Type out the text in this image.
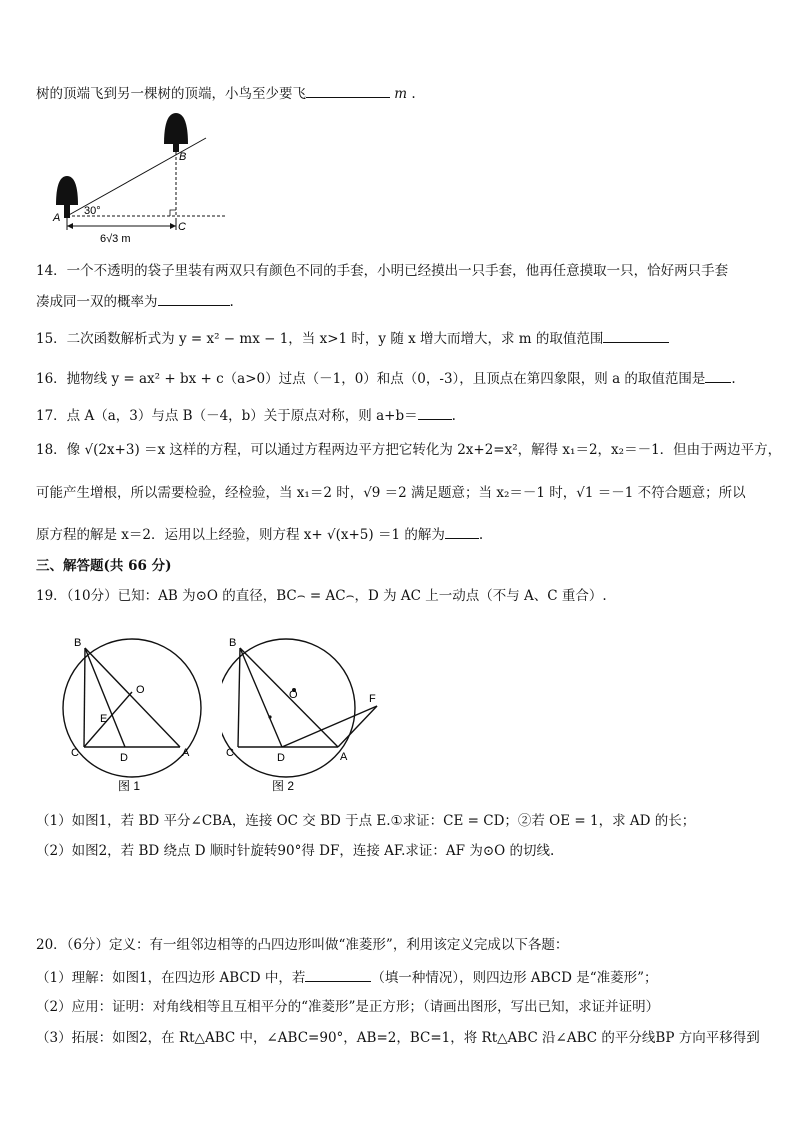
树的顶端飞到另一棵树的顶端，小鸟至少要飞	m .
A
B
C
30°
6√3 m
14．一个不透明的袋子里装有两双只有颜色不同的手套，小明已经摸出一只手套，他再任意摸取一只，恰好两只手套
凑成同一双的概率为	.
15．二次函数解析式为 y = x² − mx − 1，当 x>1 时，y 随 x 增大而增大，求 m 的取值范围
16．抛物线 y = ax² + bx + c（a>0）过点（－1，0）和点（0，-3），且顶点在第四象限，则 a 的取值范围是 .
17．点 A（a，3）与点 B（－4，b）关于原点对称，则 a+b＝	.
18．像 √(2x+3) ＝x 这样的方程，可以通过方程两边平方把它转化为 2x+2=x²，解得 x₁＝2，x₂＝－1．但由于两边平方，
可能产生增根，所以需要检验，经检验，当 x₁＝2 时，√9 ＝2 满足题意；当 x₂＝－1 时，√1 ＝－1 不符合题意；所以
原方程的解是 x＝2．运用以上经验，则方程 x+ √(x+5) ＝1 的解为	.
三、解答题(共 66 分)
19．（10分）已知：AB 为⊙O 的直径，BC⌢ = AC⌢，D 为 AC 上一动点（不与 A、C 重合）.
B
O
E
C	D	A
图 1
B
O	F
C	D	A
图 2
（1）如图1，若 BD 平分∠CBA，连接 OC 交 BD 于点 E.①求证：CE = CD；②若 OE = 1，求 AD 的长；
（2）如图2，若 BD 绕点 D 顺时针旋转90°得 DF，连接 AF.求证：AF 为⊙O 的切线.
20．（6分）定义：有一组邻边相等的凸四边形叫做“准菱形”，利用该定义完成以下各题：
（1）理解：如图1，在四边形 ABCD 中，若	（填一种情况），则四边形 ABCD 是“准菱形”；
（2）应用：证明：对角线相等且互相平分的“准菱形”是正方形；（请画出图形，写出已知，求证并证明）
（3）拓展：如图2，在 Rt△ABC 中，∠ABC=90°，AB=2，BC=1，将 Rt△ABC 沿∠ABC 的平分线BP 方向平移得到
